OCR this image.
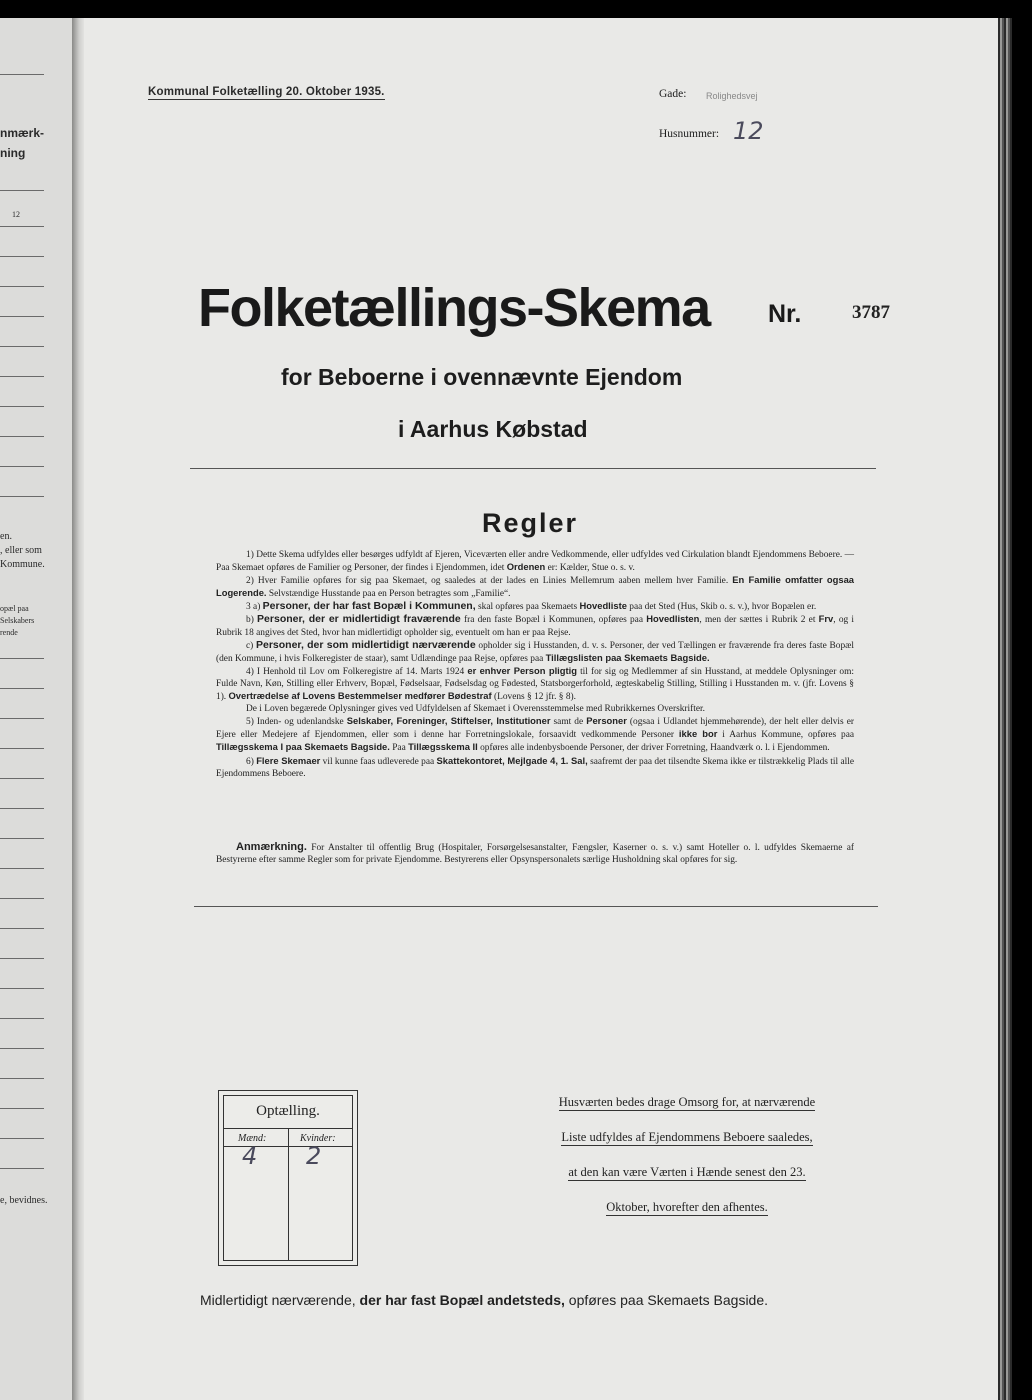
nmærk-
ning
12
en.
, eller som
Kommune.
opæl paa
Selskabers
rende
e, bevidnes.
Kommunal Folketælling 20. Oktober 1935.	Gade: Rolighedsvej
Husnummer: 12
Folketællings-Skema Nr.	3787
for Beboerne i ovennævnte Ejendom
i Aarhus Købstad
Regler

1) Dette Skema udfyldes eller besørges udfyldt af Ejeren, Viceværten eller andre Vedkommende, eller udfyldes ved Cirkulation blandt Ejendommens Beboere. — Paa Skemaet opføres de Familier og Personer, der findes i Ejendommen, idet Ordenen er: Kælder, Stue o. s. v.

2) Hver Familie opføres for sig paa Skemaet, og saaledes at der lades en Linies Mellemrum aaben mellem hver Familie. En Familie omfatter ogsaa Logerende. Selvstændige Husstande paa en Person betragtes som „Familie“.

3 a) Personer, der har fast Bopæl i Kommunen, skal opføres paa Skemaets Hovedliste paa det Sted (Hus, Skib o. s. v.), hvor Bopælen er.

b) Personer, der er midlertidigt fraværende fra den faste Bopæl i Kommunen, opføres paa Hovedlisten, men der sættes i Rubrik 2 et Frv, og i Rubrik 18 angives det Sted, hvor han midlertidigt opholder sig, eventuelt om han er paa Rejse.

c) Personer, der som midlertidigt nærværende opholder sig i Husstanden, d. v. s. Personer, der ved Tællingen er fraværende fra deres faste Bopæl (den Kommune, i hvis Folkeregister de staar), samt Udlændinge paa Rejse, opføres paa Tillægslisten paa Skemaets Bagside.

4) I Henhold til Lov om Folkeregistre af 14. Marts 1924 er enhver Person pligtig til for sig og Medlemmer af sin Husstand, at meddele Oplysninger om: Fulde Navn, Køn, Stilling eller Erhverv, Bopæl, Fødselsaar, Fødselsdag og Fødested, Statsborgerforhold, ægteskabelig Stilling, Stilling i Husstanden m. v. (jfr. Lovens § 1). Overtrædelse af Lovens Bestemmelser medfører Bødestraf (Lovens § 12 jfr. § 8).

De i Loven begærede Oplysninger gives ved Udfyldelsen af Skemaet i Overensstemmelse med Rubrikkernes Overskrifter.

5) Inden- og udenlandske Selskaber, Foreninger, Stiftelser, Institutioner samt de Personer (ogsaa i Udlandet hjemmehørende), der helt eller delvis er Ejere eller Medejere af Ejendommen, eller som i denne har Forretningslokale, forsaavidt vedkommende Personer ikke bor i Aarhus Kommune, opføres paa Tillægsskema I paa Skemaets Bagside. Paa Tillægsskema II opføres alle indenbysboende Personer, der driver Forretning, Haandværk o. l. i Ejendommen.

6) Flere Skemaer vil kunne faas udleverede paa Skattekontoret, Mejlgade 4, 1. Sal, saafremt der paa det tilsendte Skema ikke er tilstrækkelig Plads til alle Ejendommens Beboere.

Anmærkning. For Anstalter til offentlig Brug (Hospitaler, Forsørgelsesanstalter, Fængsler, Kaserner o. s. v.) samt Hoteller o. l. udfyldes Skemaerne af Bestyrerne efter samme Regler som for private Ejendomme. Bestyrerens eller Opsynspersonalets særlige Husholdning skal opføres for sig.
Optælling.
Mænd:	Kvinder:
4 2
Husværten bedes drage Omsorg for, at nærværende
Liste udfyldes af Ejendommens Beboere saaledes,
at den kan være Værten i Hænde senest den 23.
Oktober, hvorefter den afhentes.
Midlertidigt nærværende, der har fast Bopæl andetsteds, opføres paa Skemaets Bagside.
